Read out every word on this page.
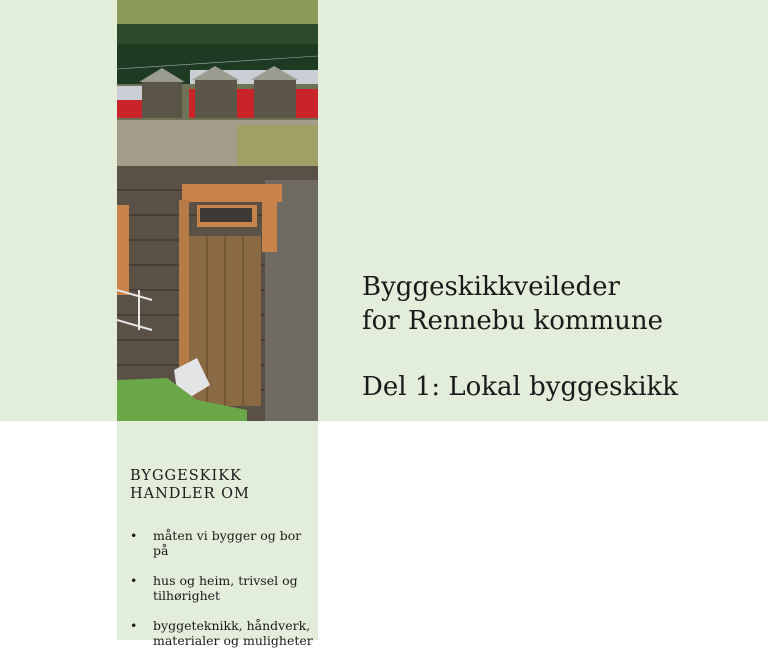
Byggeskikkveileder
for Rennebu kommune
Del 1: Lokal byggeskikk
BYGGESKIKK
HANDLER OM
• måten vi bygger og bor på
• hus og heim, trivsel og
tilhørighet
• byggeteknikk, håndverk,
materialer og muligheter
